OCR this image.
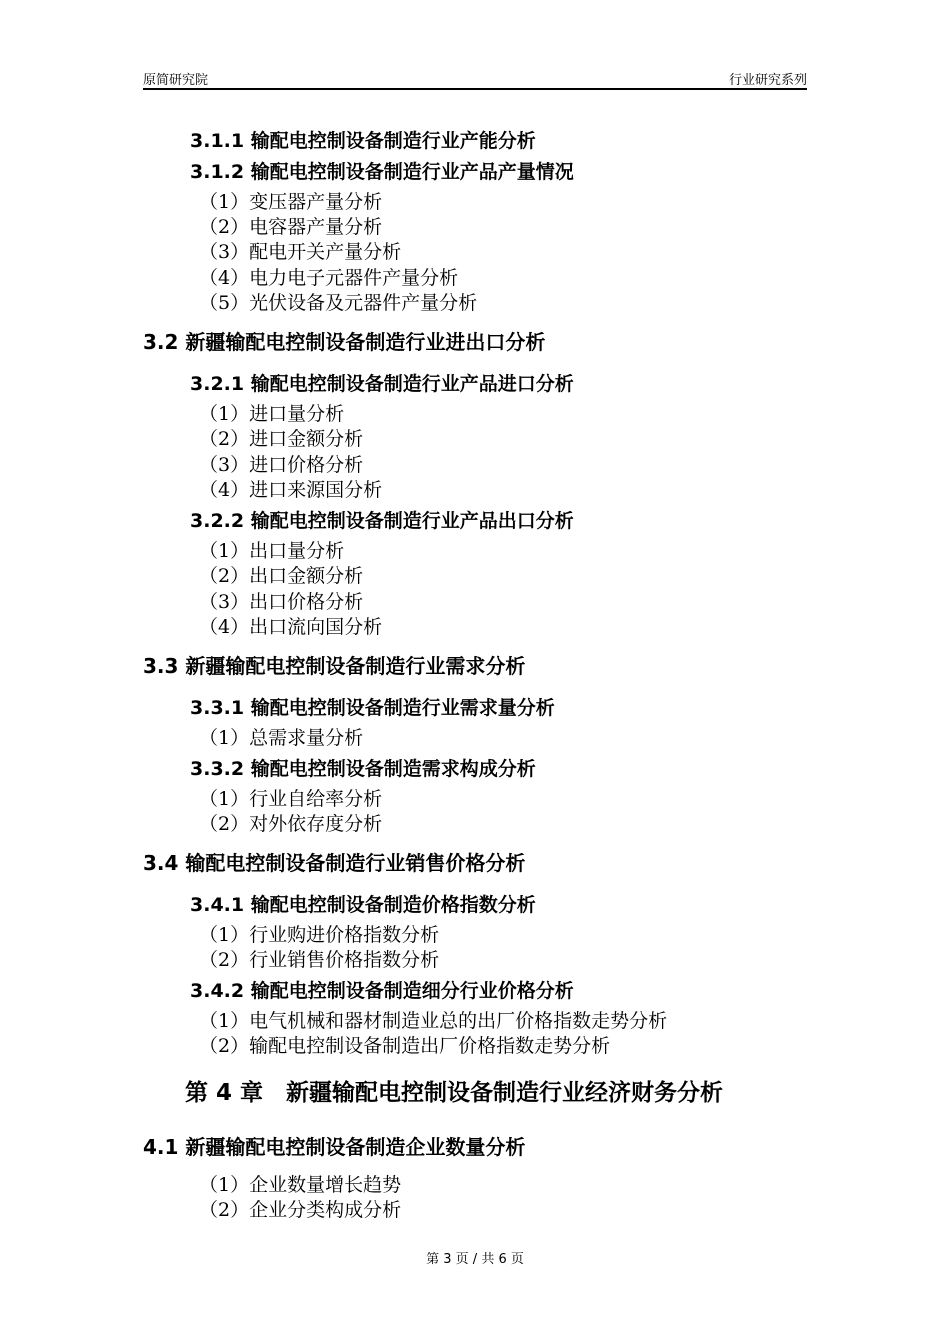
原简研究院	行业研究系列
3.1.1 输配电控制设备制造行业产能分析
3.1.2 输配电控制设备制造行业产品产量情况
（1）变压器产量分析
（2）电容器产量分析
（3）配电开关产量分析
（4）电力电子元器件产量分析
（5）光伏设备及元器件产量分析
3.2 新疆输配电控制设备制造行业进出口分析
3.2.1 输配电控制设备制造行业产品进口分析
（1）进口量分析
（2）进口金额分析
（3）进口价格分析
（4）进口来源国分析
3.2.2 输配电控制设备制造行业产品出口分析
（1）出口量分析
（2）出口金额分析
（3）出口价格分析
（4）出口流向国分析
3.3 新疆输配电控制设备制造行业需求分析
3.3.1 输配电控制设备制造行业需求量分析
（1）总需求量分析
3.3.2 输配电控制设备制造需求构成分析
（1）行业自给率分析
（2）对外依存度分析
3.4 输配电控制设备制造行业销售价格分析
3.4.1 输配电控制设备制造价格指数分析
（1）行业购进价格指数分析
（2）行业销售价格指数分析
3.4.2 输配电控制设备制造细分行业价格分析
（1）电气机械和器材制造业总的出厂价格指数走势分析
（2）输配电控制设备制造出厂价格指数走势分析
第 4 章　新疆输配电控制设备制造行业经济财务分析
4.1 新疆输配电控制设备制造企业数量分析
（1）企业数量增长趋势
（2）企业分类构成分析
第 3 页 / 共 6 页
